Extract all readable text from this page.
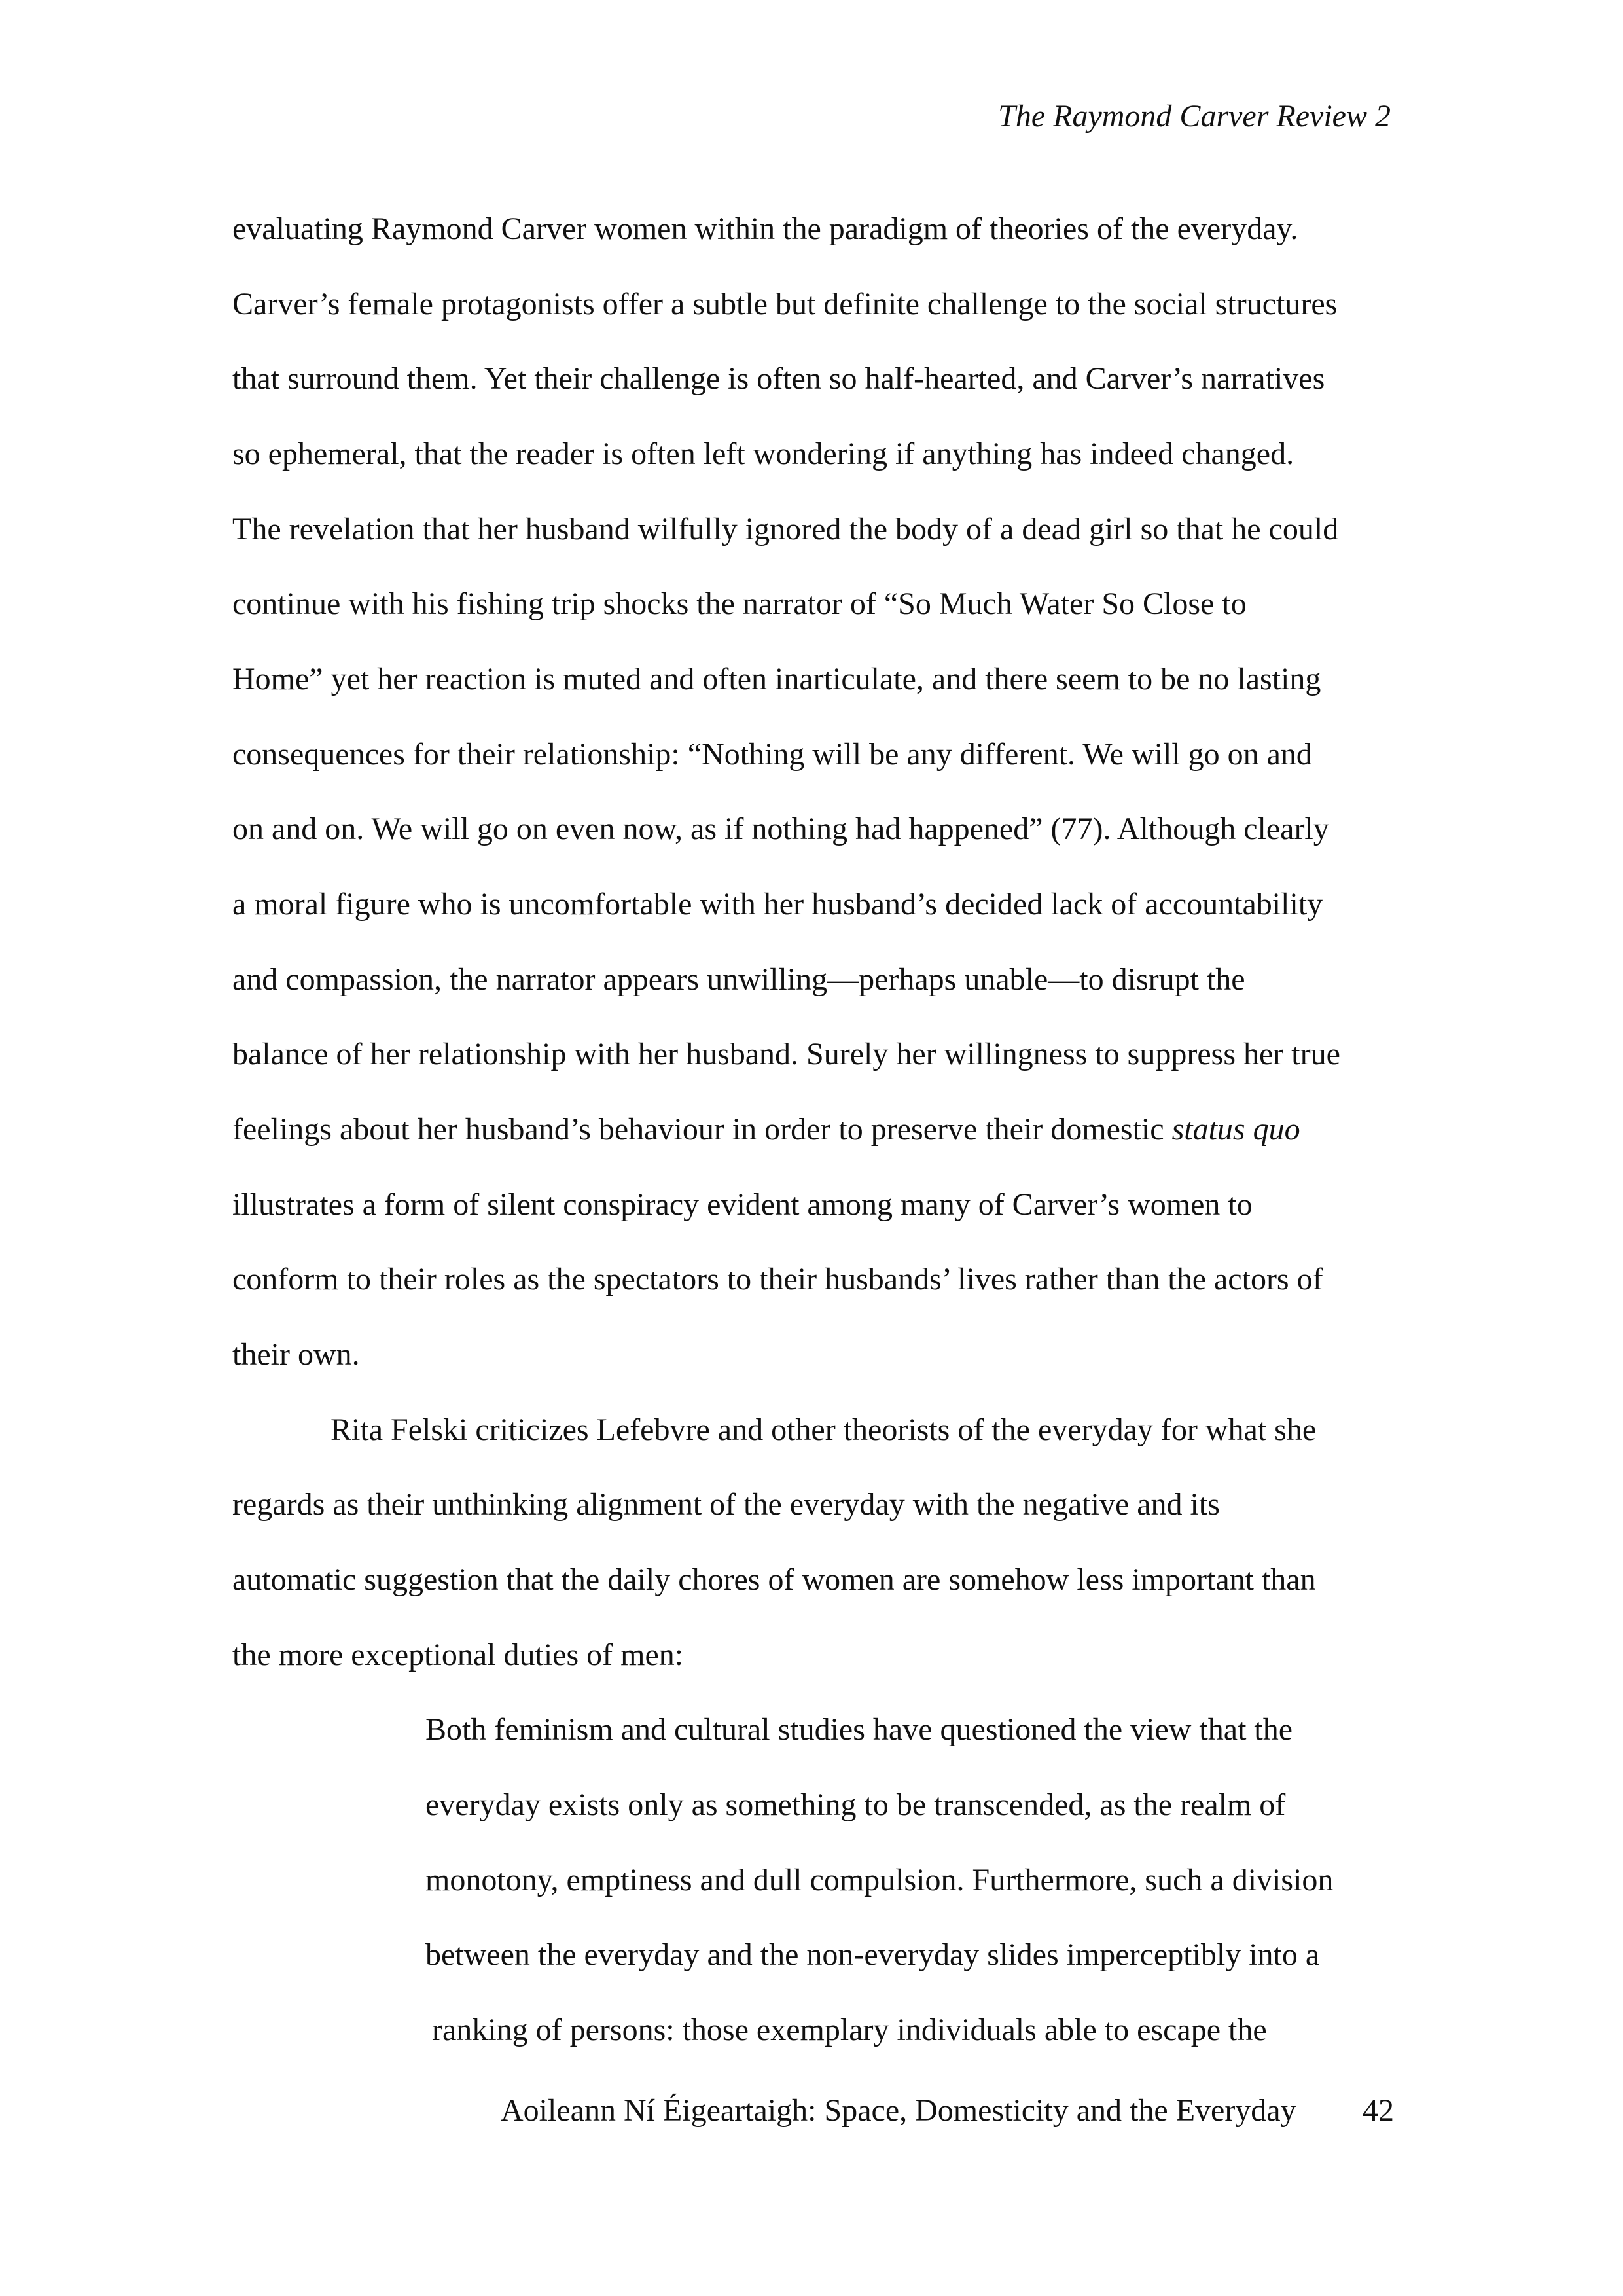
The Raymond Carver Review 2
evaluating Raymond Carver women within the paradigm of theories of the everyday.
Carver’s female protagonists offer a subtle but definite challenge to the social structures
that surround them. Yet their challenge is often so half-hearted, and Carver’s narratives
so ephemeral, that the reader is often left wondering if anything has indeed changed.
The revelation that her husband wilfully ignored the body of a dead girl so that he could
continue with his fishing trip shocks the narrator of “So Much Water So Close to
Home” yet her reaction is muted and often inarticulate, and there seem to be no lasting
consequences for their relationship: “Nothing will be any different. We will go on and
on and on. We will go on even now, as if nothing had happened” (77). Although clearly
a moral figure who is uncomfortable with her husband’s decided lack of accountability
and compassion, the narrator appears unwilling—perhaps unable—to disrupt the
balance of her relationship with her husband. Surely her willingness to suppress her true
feelings about her husband’s behaviour in order to preserve their domestic status quo
illustrates a form of silent conspiracy evident among many of Carver’s women to
conform to their roles as the spectators to their husbands’ lives rather than the actors of
their own.
Rita Felski criticizes Lefebvre and other theorists of the everyday for what she
regards as their unthinking alignment of the everyday with the negative and its
automatic suggestion that the daily chores of women are somehow less important than
the more exceptional duties of men:
Both feminism and cultural studies have questioned the view that the
everyday exists only as something to be transcended, as the realm of
monotony, emptiness and dull compulsion. Furthermore, such a division
between the everyday and the non-everyday slides imperceptibly into a
ranking of persons: those exemplary individuals able to escape the
Aoileann Ní Éigeartaigh: Space, Domesticity and the Everyday 42
